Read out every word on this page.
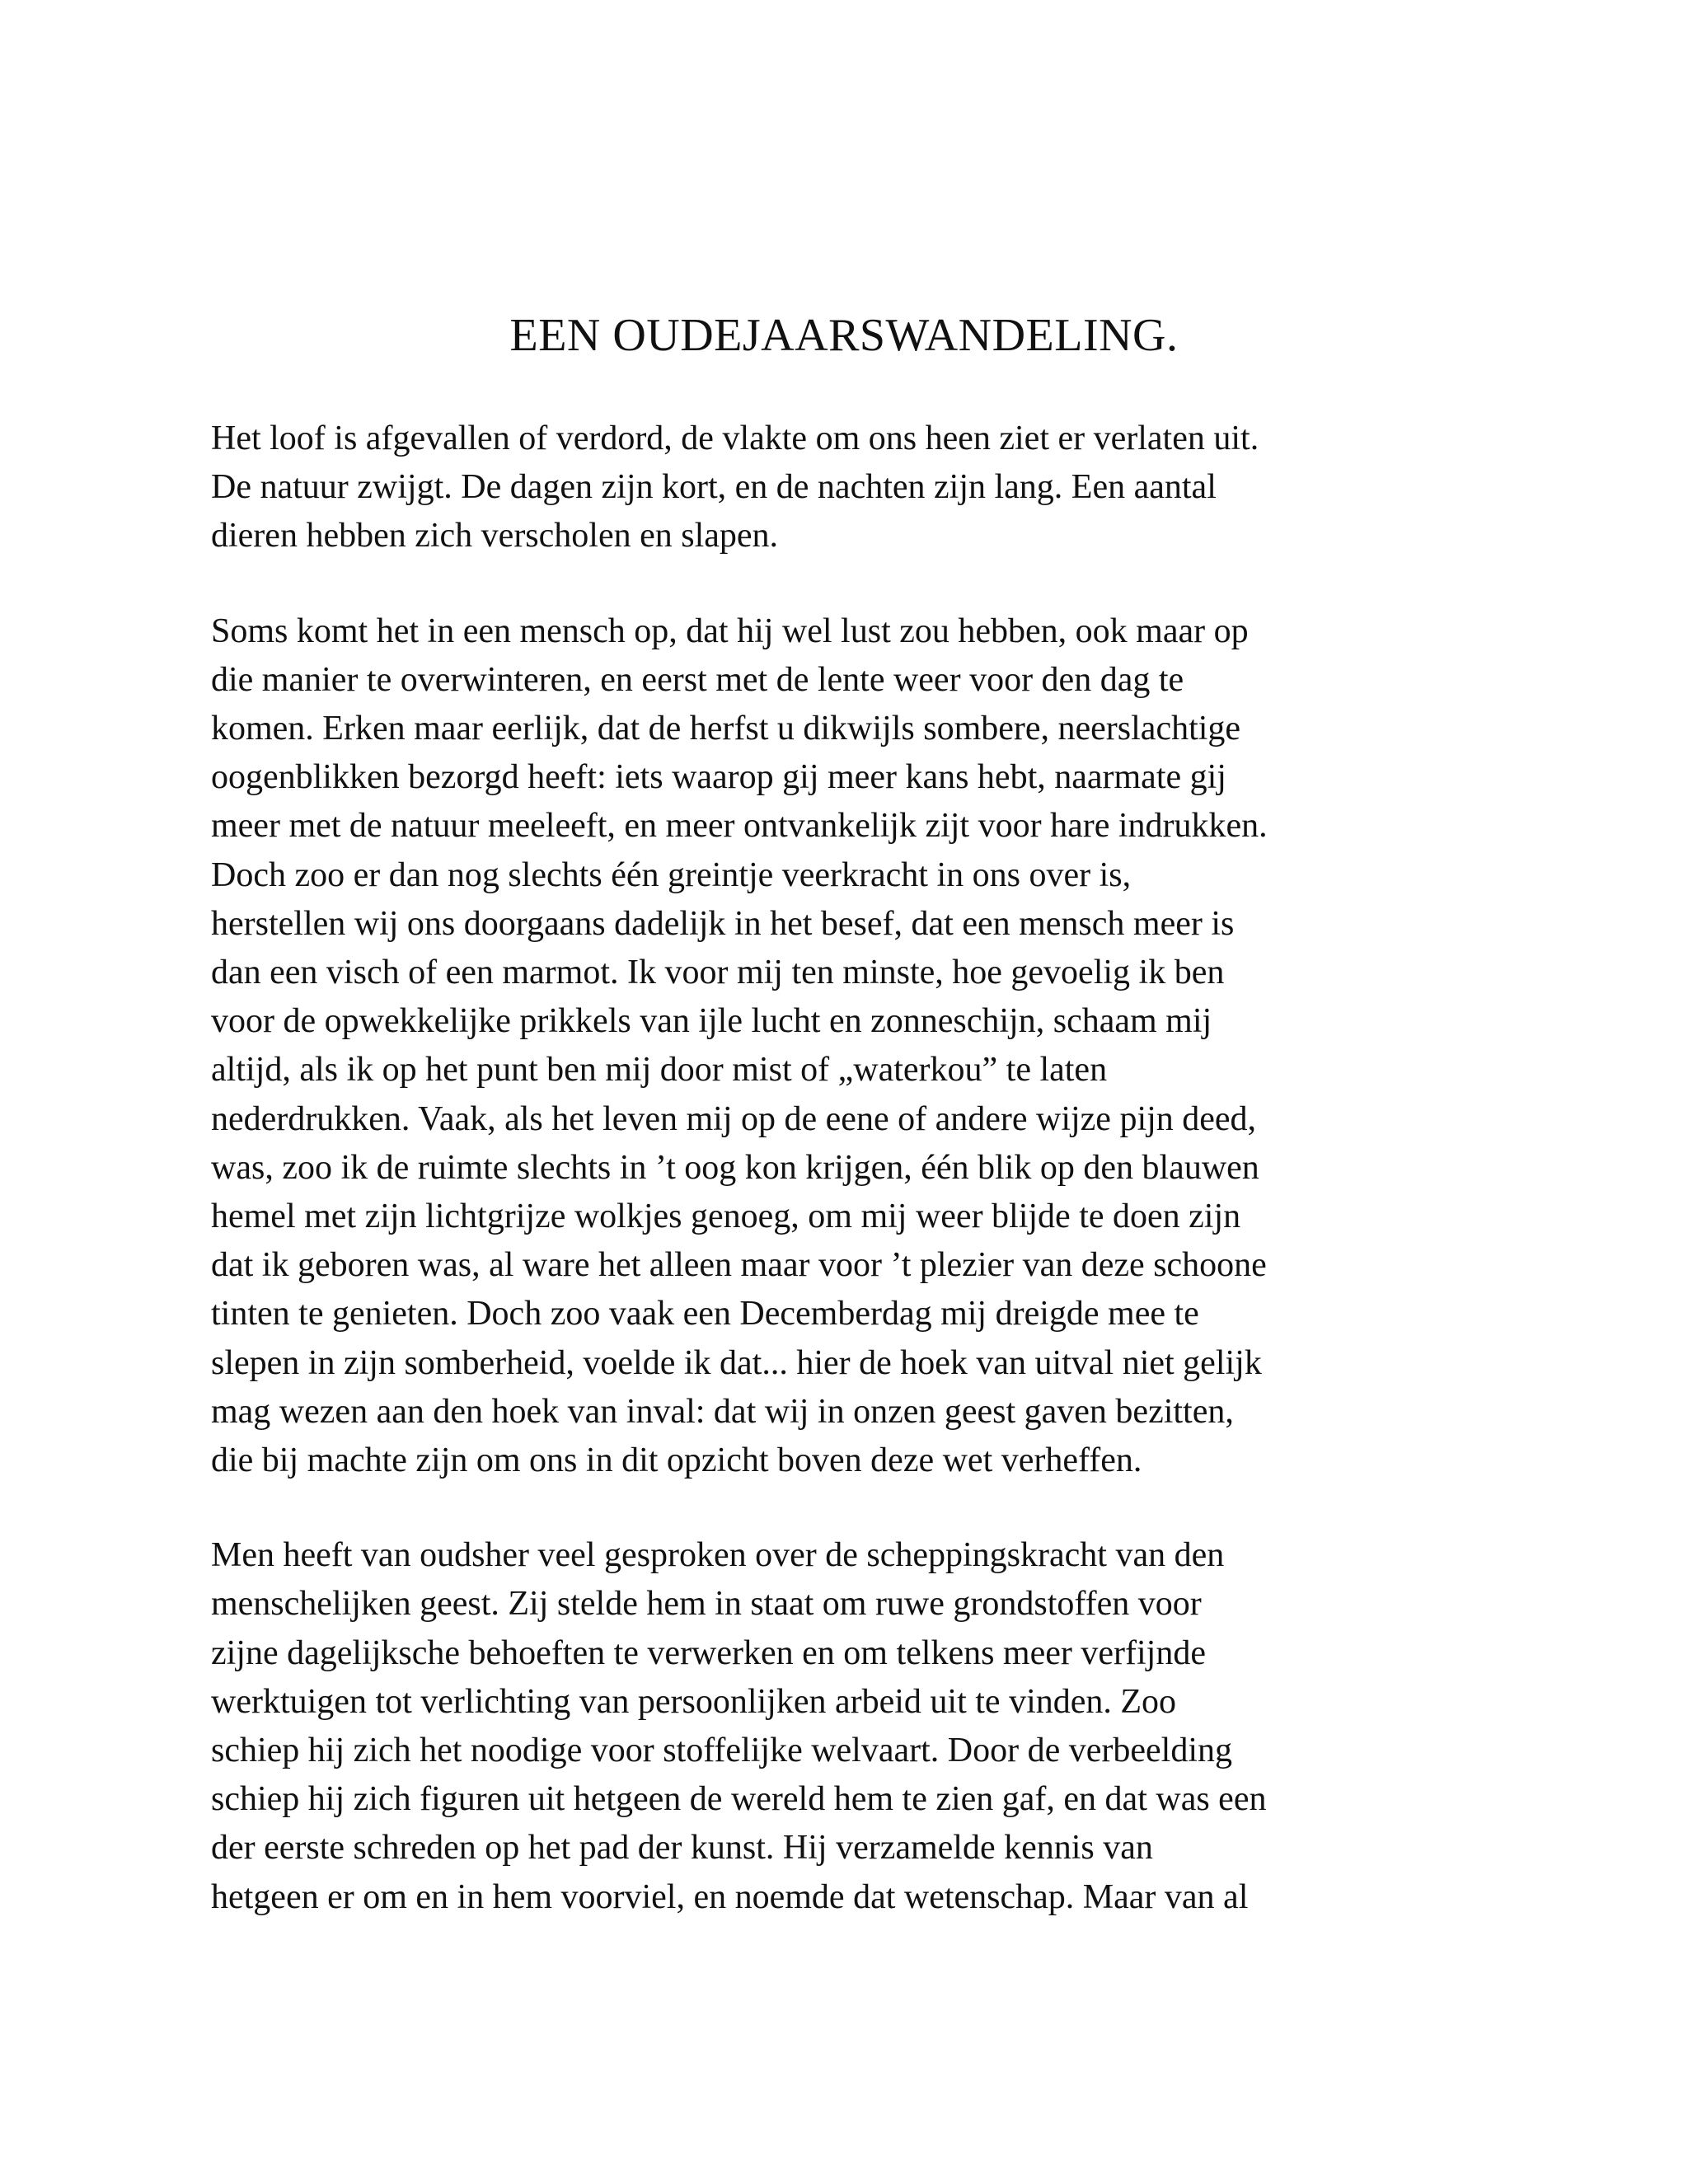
EEN OUDEJAARSWANDELING.

Het loof is afgevallen of verdord, de vlakte om ons heen ziet er verlaten uit.
De natuur zwijgt. De dagen zijn kort, en de nachten zijn lang. Een aantal
dieren hebben zich verscholen en slapen.

Soms komt het in een mensch op, dat hij wel lust zou hebben, ook maar op
die manier te overwinteren, en eerst met de lente weer voor den dag te
komen. Erken maar eerlijk, dat de herfst u dikwijls sombere, neerslachtige
oogenblikken bezorgd heeft: iets waarop gij meer kans hebt, naarmate gij
meer met de natuur meeleeft, en meer ontvankelijk zijt voor hare indrukken.
Doch zoo er dan nog slechts één greintje veerkracht in ons over is,
herstellen wij ons doorgaans dadelijk in het besef, dat een mensch meer is
dan een visch of een marmot. Ik voor mij ten minste, hoe gevoelig ik ben
voor de opwekkelijke prikkels van ijle lucht en zonneschijn, schaam mij
altijd, als ik op het punt ben mij door mist of „waterkou” te laten
nederdrukken. Vaak, als het leven mij op de eene of andere wijze pijn deed,
was, zoo ik de ruimte slechts in ’t oog kon krijgen, één blik op den blauwen
hemel met zijn lichtgrijze wolkjes genoeg, om mij weer blijde te doen zijn
dat ik geboren was, al ware het alleen maar voor ’t plezier van deze schoone
tinten te genieten. Doch zoo vaak een Decemberdag mij dreigde mee te
slepen in zijn somberheid, voelde ik dat... hier de hoek van uitval niet gelijk
mag wezen aan den hoek van inval: dat wij in onzen geest gaven bezitten,
die bij machte zijn om ons in dit opzicht boven deze wet verheffen.

Men heeft van oudsher veel gesproken over de scheppingskracht van den
menschelijken geest. Zij stelde hem in staat om ruwe grondstoffen voor
zijne dagelijksche behoeften te verwerken en om telkens meer verfijnde
werktuigen tot verlichting van persoonlijken arbeid uit te vinden. Zoo
schiep hij zich het noodige voor stoffelijke welvaart. Door de verbeelding
schiep hij zich figuren uit hetgeen de wereld hem te zien gaf, en dat was een
der eerste schreden op het pad der kunst. Hij verzamelde kennis van
hetgeen er om en in hem voorviel, en noemde dat wetenschap. Maar van al
